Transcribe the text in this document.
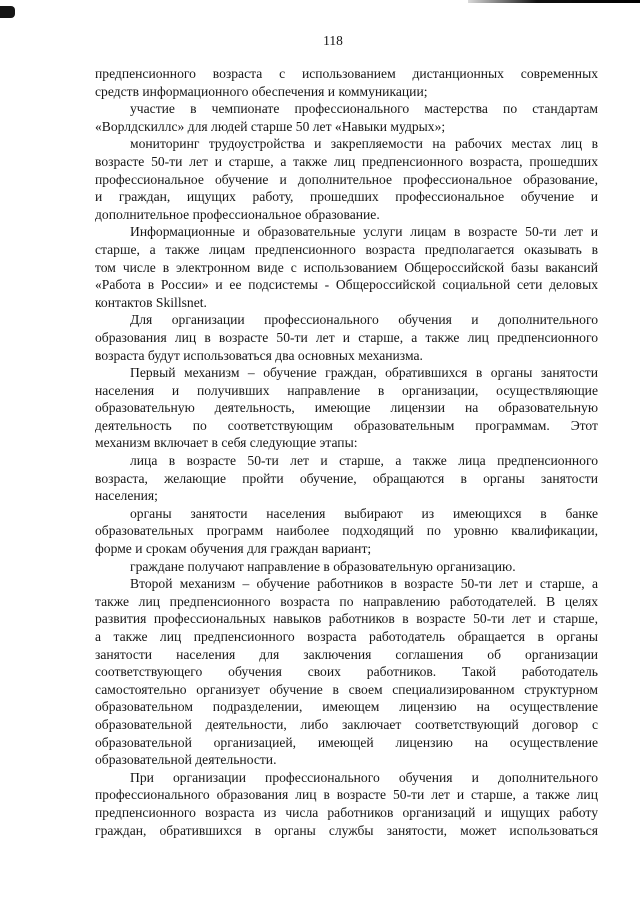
118
предпенсионного возраста с использованием дистанционных современных
средств информационного обеспечения и коммуникации;
участие в чемпионате профессионального мастерства по стандартам
«Ворлдскиллс» для людей старше 50 лет «Навыки мудрых»;
мониторинг трудоустройства и закрепляемости на рабочих местах лиц в
возрасте 50-ти лет и старше, а также лиц предпенсионного возраста, прошедших
профессиональное обучение и дополнительное профессиональное образование,
и граждан, ищущих работу, прошедших профессиональное обучение и
дополнительное профессиональное образование.
Информационные и образовательные услуги лицам в возрасте 50-ти лет и
старше, а также лицам предпенсионного возраста предполагается оказывать в
том числе в электронном виде с использованием Общероссийской базы вакансий
«Работа в России» и ее подсистемы - Общероссийской социальной сети деловых
контактов Skillsnet.
Для организации профессионального обучения и дополнительного
образования лиц в возрасте 50-ти лет и старше, а также лиц предпенсионного
возраста будут использоваться два основных механизма.
Первый механизм – обучение граждан, обратившихся в органы занятости
населения и получивших направление в организации, осуществляющие
образовательную деятельность, имеющие лицензии на образовательную
деятельность по соответствующим образовательным программам. Этот
механизм включает в себя следующие этапы:
лица в возрасте 50-ти лет и старше, а также лица предпенсионного
возраста, желающие пройти обучение, обращаются в органы занятости
населения;
органы занятости населения выбирают из имеющихся в банке
образовательных программ наиболее подходящий по уровню квалификации,
форме и срокам обучения для граждан вариант;
граждане получают направление в образовательную организацию.
Второй механизм – обучение работников в возрасте 50-ти лет и старше, а
также лиц предпенсионного возраста по направлению работодателей. В целях
развития профессиональных навыков работников в возрасте 50-ти лет и старше,
а также лиц предпенсионного возраста работодатель обращается в органы
занятости населения для заключения соглашения об организации
соответствующего обучения своих работников. Такой работодатель
самостоятельно организует обучение в своем специализированном структурном
образовательном подразделении, имеющем лицензию на осуществление
образовательной деятельности, либо заключает соответствующий договор с
образовательной организацией, имеющей лицензию на осуществление
образовательной деятельности.
При организации профессионального обучения и дополнительного
профессионального образования лиц в возрасте 50-ти лет и старше, а также лиц
предпенсионного возраста из числа работников организаций и ищущих работу
граждан, обратившихся в органы службы занятости, может использоваться
